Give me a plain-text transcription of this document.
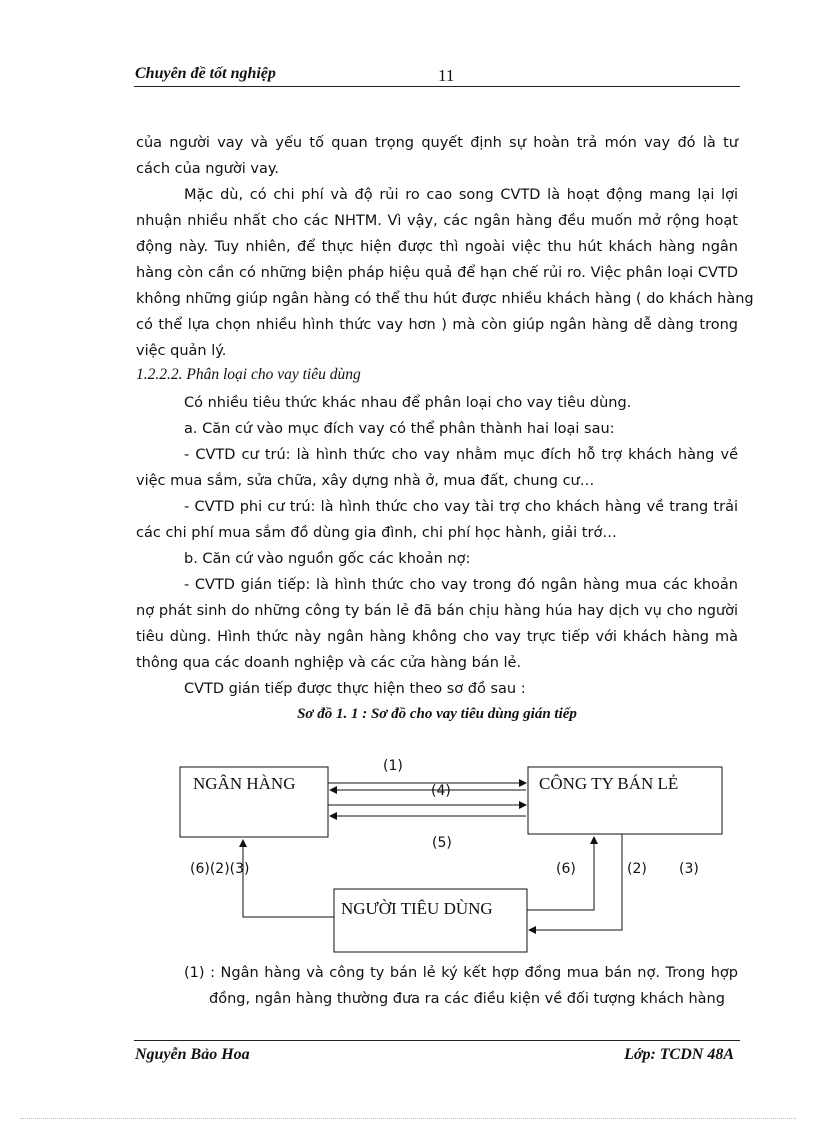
Chuyên đề tốt nghiệp	11
của người vay và yếu tố quan trọng quyết định sự hoàn trả món vay đó là tư
cách của người vay.
Mặc dù, có chi phí và độ rủi ro cao song CVTD là hoạt động mang lại lợi
nhuận nhiều nhất cho các NHTM. Vì vậy, các ngân hàng đều muốn mở rộng hoạt
động này. Tuy nhiên, để thực hiện được thì ngoài việc thu hút khách hàng ngân
hàng còn cần có những biện pháp hiệu quả để hạn chế rủi ro. Việc phân loại CVTD
không những giúp ngân hàng có thể thu hút được nhiều khách hàng ( do khách hàng
có thể lựa chọn nhiều hình thức vay hơn ) mà còn giúp ngân hàng dễ dàng trong
việc quản lý.
1.2.2.2. Phân loại cho vay tiêu dùng
Có nhiều tiêu thức khác nhau để phân loại cho vay tiêu dùng.
a. Căn cứ vào mục đích vay có thể phân thành hai loại sau:
- CVTD cư trú: là hình thức cho vay nhằm mục đích hỗ trợ khách hàng về
việc mua sắm, sửa chữa, xây dựng nhà ở, mua đất, chung cư…
- CVTD phi cư trú: là hình thức cho vay tài trợ cho khách hàng về trang trải
các chi phí mua sắm đồ dùng gia đình, chi phí học hành, giải trớ…
b. Căn cứ vào nguồn gốc các khoản nợ:
- CVTD gián tiếp: là hình thức cho vay trong đó ngân hàng mua các khoản
nợ phát sinh do những công ty bán lẻ đã bán chịu hàng húa hay dịch vụ cho người
tiêu dùng. Hình thức này ngân hàng không cho vay trực tiếp với khách hàng mà
thông qua các doanh nghiệp và các cửa hàng bán lẻ.
CVTD gián tiếp được thực hiện theo sơ đồ sau :
Sơ đồ 1. 1 : Sơ đồ cho vay tiêu dùng gián tiếp
NGÂN HÀNG	CÔNG TY BÁN LẺ
NGƯỜI TIÊU DÙNG
(1)
(4)
(5)
(6)(2)(3)	(6)	(2) (3)
(1) : Ngân hàng và công ty bán lẻ ký kết hợp đồng mua bán nợ. Trong hợp
đồng, ngân hàng thường đưa ra các điều kiện về đối tượng khách hàng
Nguyễn Bảo Hoa	Lớp: TCDN 48A
